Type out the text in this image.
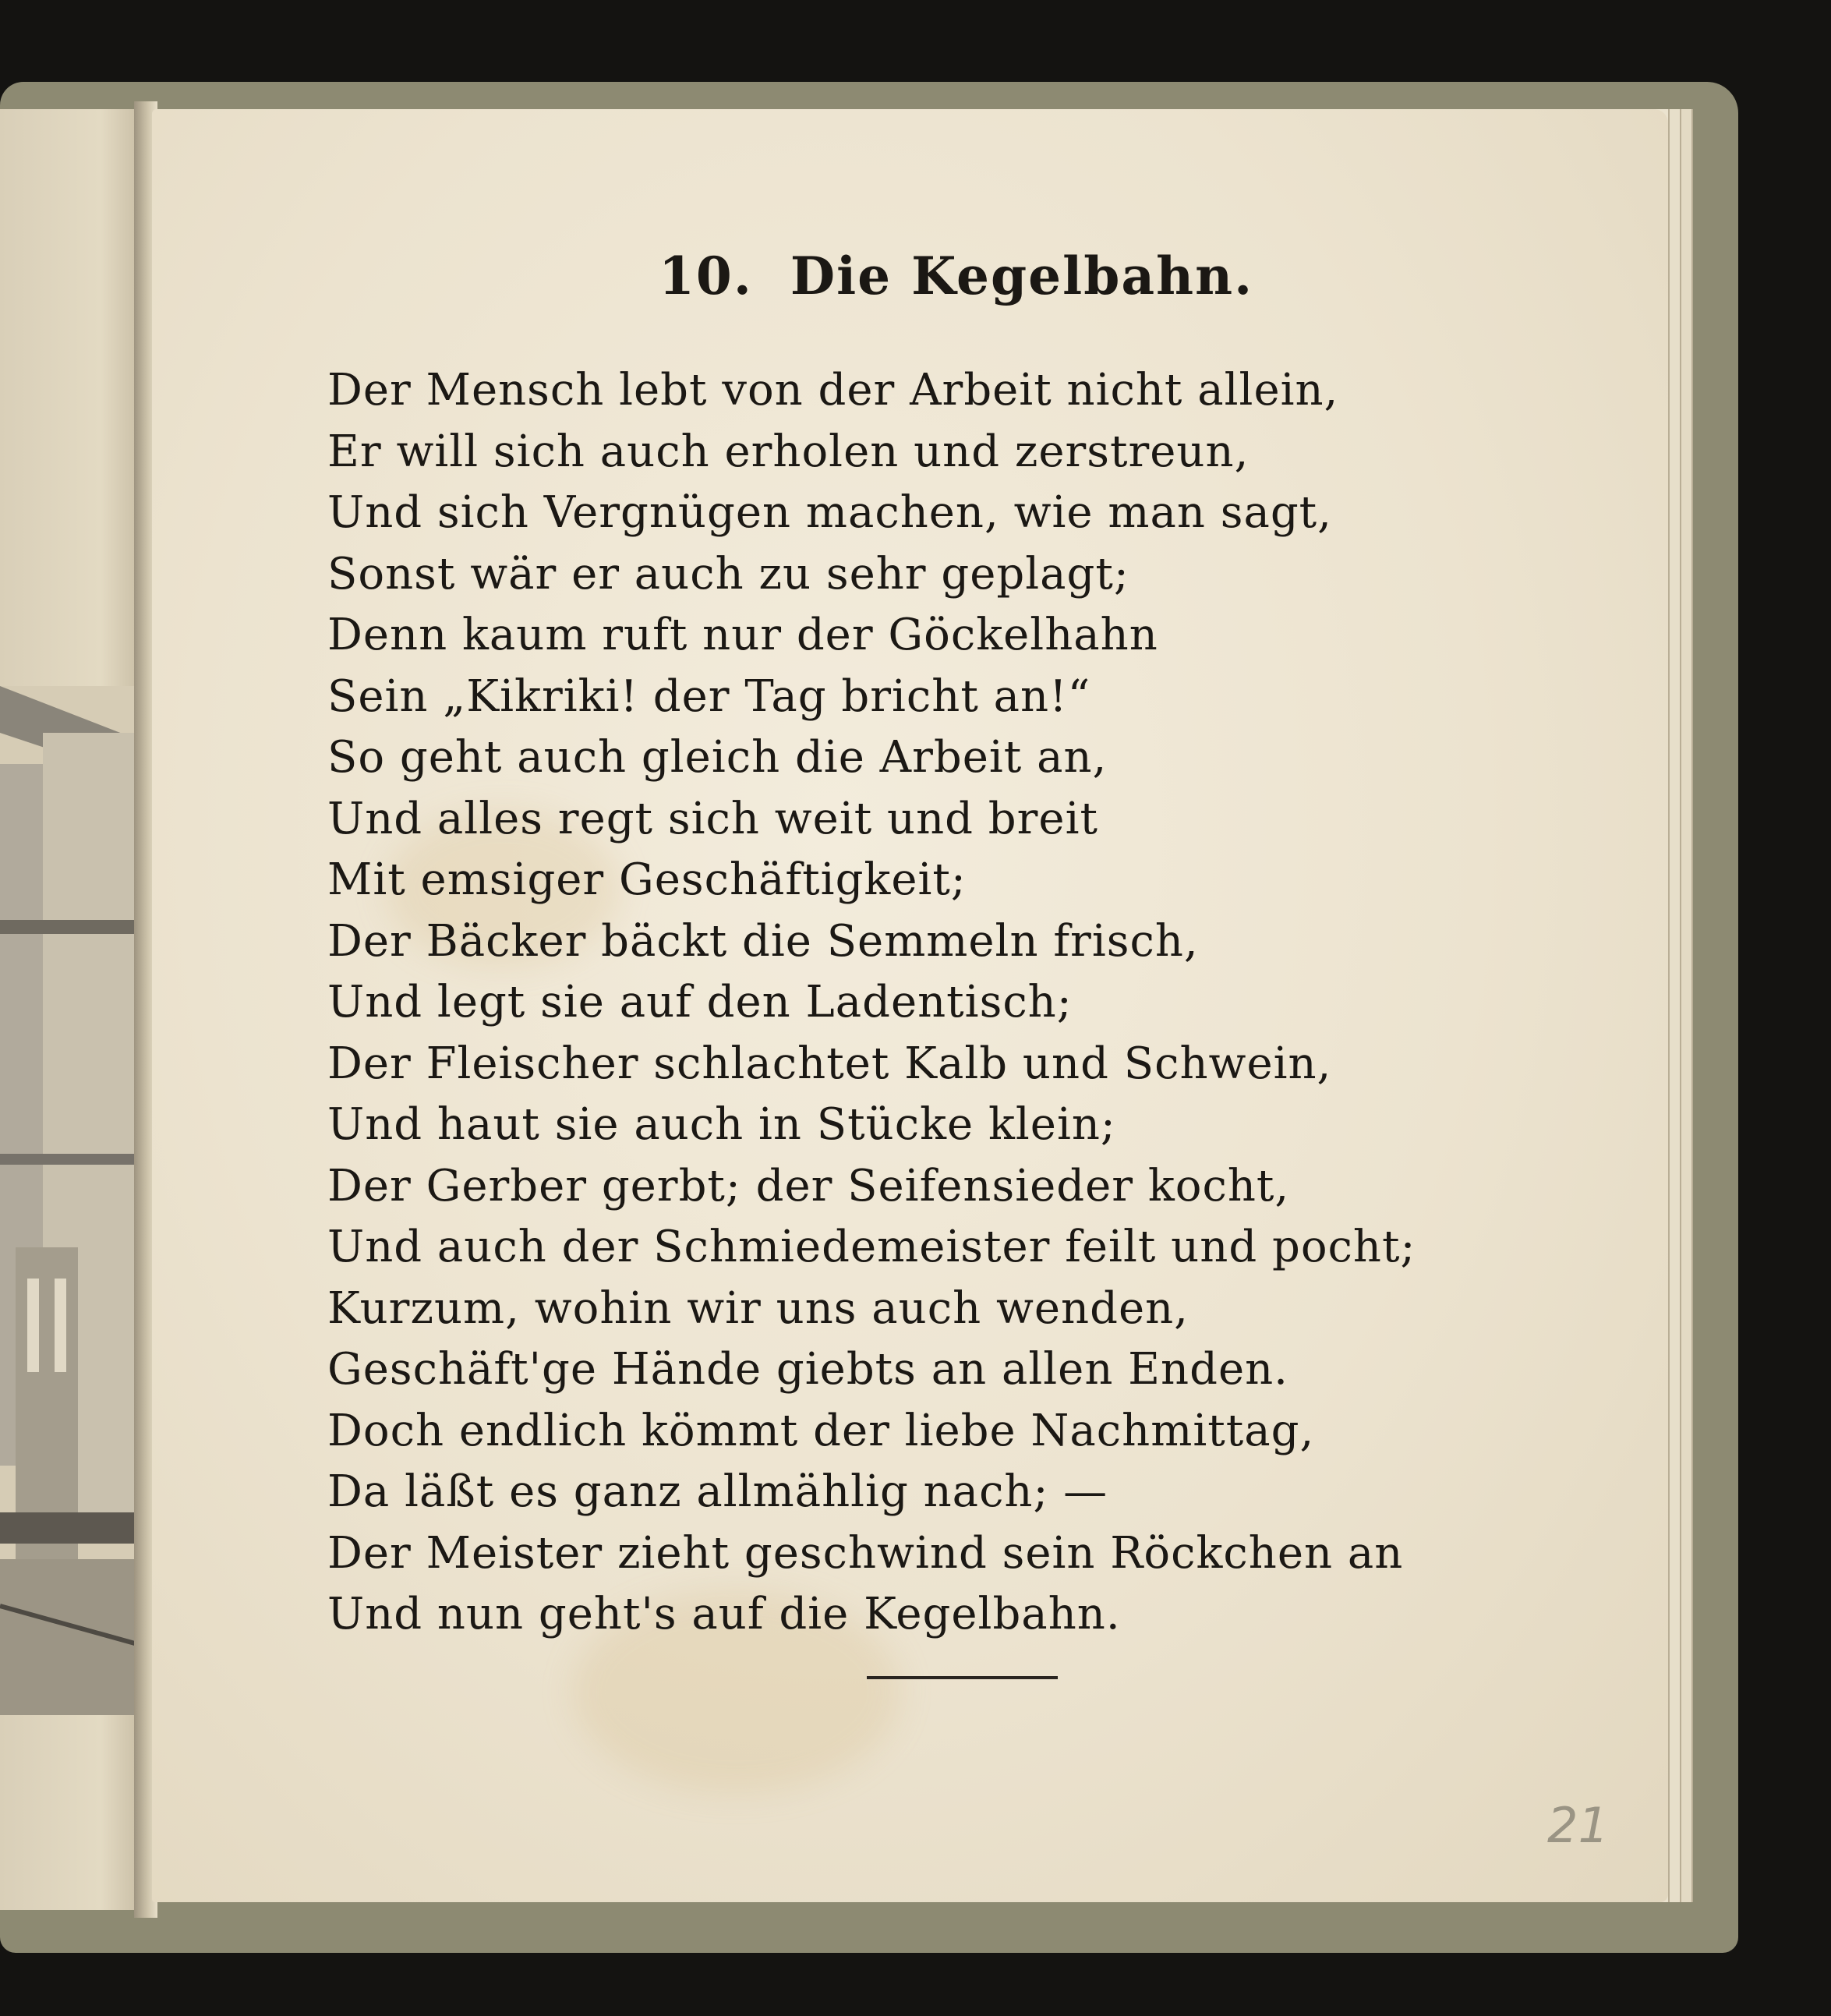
10. Die Kegelbahn.
Der Mensch lebt von der Arbeit nicht allein,
Er will sich auch erholen und zerstreun,
Und sich Vergnügen machen, wie man sagt,
Sonst wär er auch zu sehr geplagt;
Denn kaum ruft nur der Göckelhahn
Sein „Kikriki! der Tag bricht an!“
So geht auch gleich die Arbeit an,
Und alles regt sich weit und breit
Mit emsiger Geschäftigkeit;
Der Bäcker bäckt die Semmeln frisch,
Und legt sie auf den Ladentisch;
Der Fleischer schlachtet Kalb und Schwein,
Und haut sie auch in Stücke klein;
Der Gerber gerbt; der Seifensieder kocht,
Und auch der Schmiedemeister feilt und pocht;
Kurzum, wohin wir uns auch wenden,
Geschäft'ge Hände giebts an allen Enden.
Doch endlich kömmt der liebe Nachmittag,
Da läßt es ganz allmählig nach; —
Der Meister zieht geschwind sein Röckchen an
Und nun geht's auf die Kegelbahn.
21
